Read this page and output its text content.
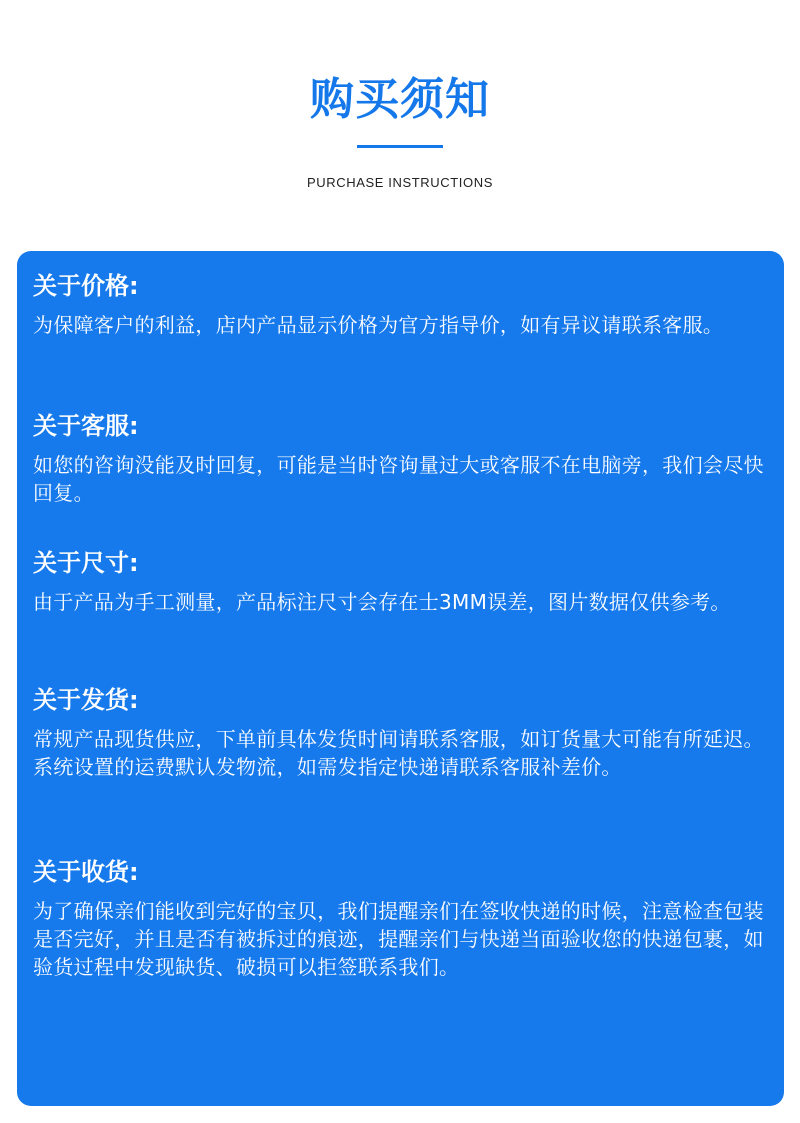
购买须知
PURCHASE INSTRUCTIONS
关于价格:
为保障客户的利益，店内产品显示价格为官方指导价，如有异议请联系客服。
关于客服:
如您的咨询没能及时回复，可能是当时咨询量过大或客服不在电脑旁，我们会尽快回复。
关于尺寸:
由于产品为手工测量，产品标注尺寸会存在士3MM误差，图片数据仅供参考。
关于发货:
常规产品现货供应，下单前具体发货时间请联系客服，如订货量大可能有所延迟。系统设置的运费默认发物流，如需发指定快递请联系客服补差价。
关于收货:
为了确保亲们能收到完好的宝贝，我们提醒亲们在签收快递的时候，注意检查包装是否完好，并且是否有被拆过的痕迹，提醒亲们与快递当面验收您的快递包裹，如验货过程中发现缺货、破损可以拒签联系我们。
